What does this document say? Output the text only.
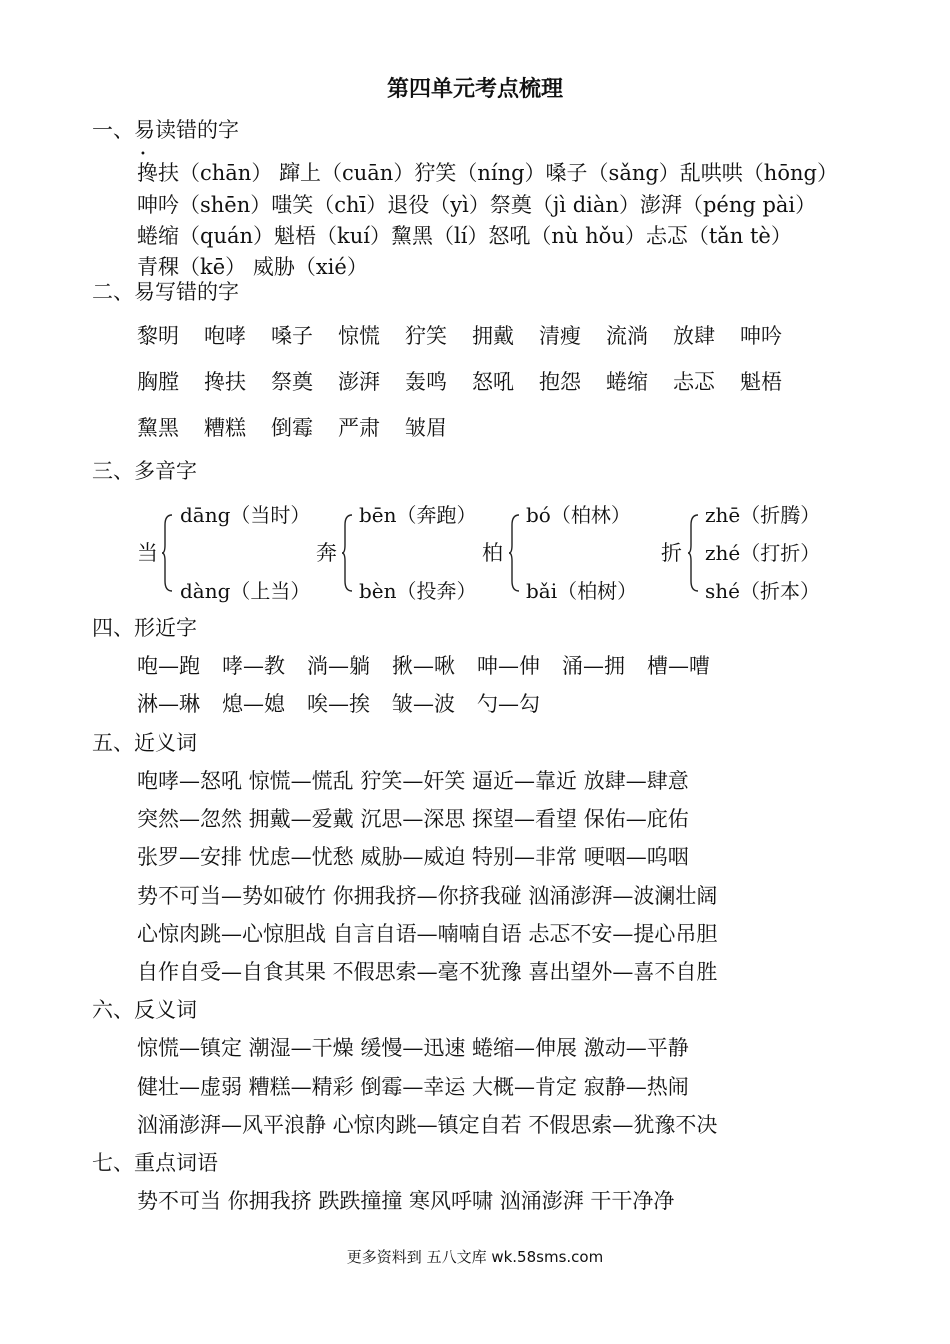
第四单元考点梳理
一、易读错的字
•
搀扶（chān） 蹿上（cuān）狞笑（níng）嗓子（sǎng）乱哄哄（hōng）
呻吟（shēn）嗤笑（chī）退役（yì）祭奠（jì diàn）澎湃（péng pài）
蜷缩（quán）魁梧（kuí）黧黑（lí）怒吼（nù hǒu）忐忑（tǎn tè）
青稞（kē） 威胁（xié）
二、易写错的字
黎明 咆哮 嗓子 惊慌 狞笑 拥戴 清瘦 流淌 放肆 呻吟
胸膛 搀扶 祭奠 澎湃 轰鸣 怒吼 抱怨 蜷缩 忐忑 魁梧
黧黑 糟糕 倒霉 严肃 皱眉
三、多音字
当
dāng（当时）
dàng（上当）
奔
bēn（奔跑）
bèn（投奔）
柏
bó（柏林）
bǎi（柏树）
折
zhē（折腾）
zhé（打折）
shé（折本）
四、形近字
咆—跑 哮—教 淌—躺 揪—啾 呻—伸 涌—拥 槽—嘈
淋—琳 熄—媳 唉—挨 皱—波 勺—勾
五、近义词
咆哮—怒吼 惊慌—慌乱 狞笑—奸笑 逼近—靠近 放肆—肆意
突然—忽然 拥戴—爱戴 沉思—深思 探望—看望 保佑—庇佑
张罗—安排 忧虑—忧愁 威胁—威迫 特别—非常 哽咽—呜咽
势不可当—势如破竹 你拥我挤—你挤我碰 汹涌澎湃—波澜壮阔
心惊肉跳—心惊胆战 自言自语—喃喃自语 忐忑不安—提心吊胆
自作自受—自食其果 不假思索—毫不犹豫 喜出望外—喜不自胜
六、反义词
惊慌—镇定 潮湿—干燥 缓慢—迅速 蜷缩—伸展 激动—平静
健壮—虚弱 糟糕—精彩 倒霉—幸运 大概—肯定 寂静—热闹
汹涌澎湃—风平浪静 心惊肉跳—镇定自若 不假思索—犹豫不决
七、重点词语
势不可当 你拥我挤 跌跌撞撞 寒风呼啸 汹涌澎湃 干干净净
更多资料到 五八文库 wk.58sms.com
